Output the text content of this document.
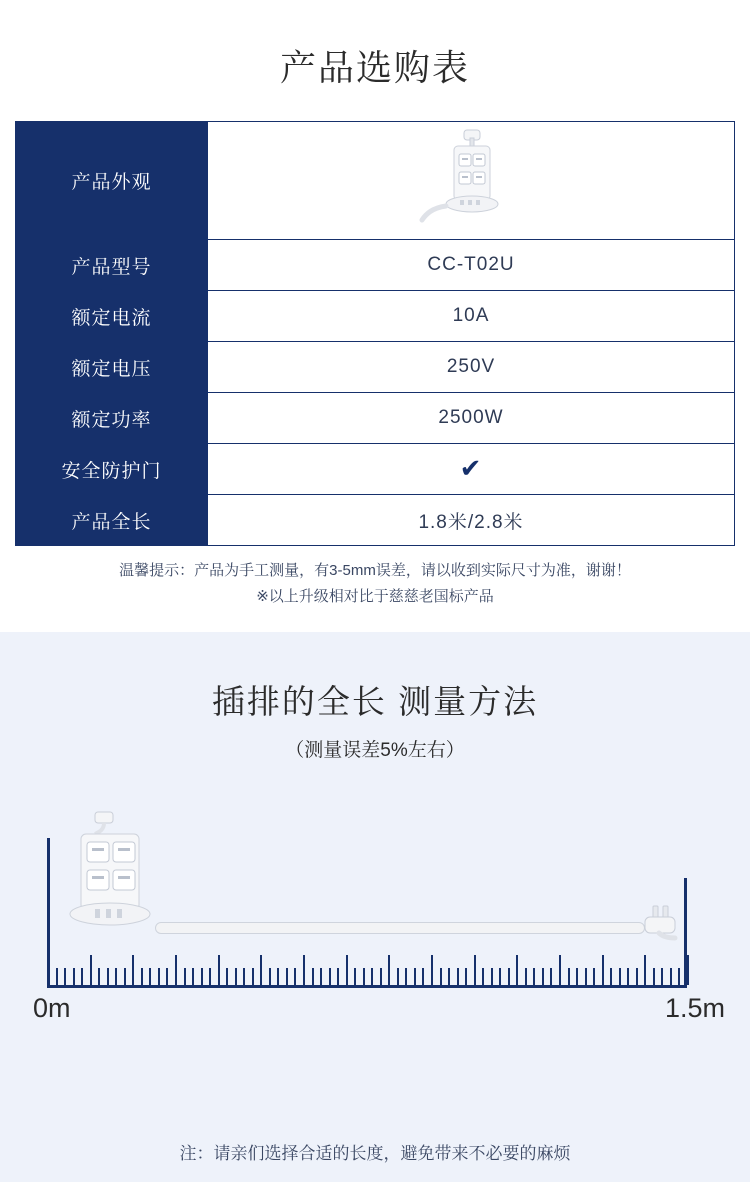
产品选购表
产品外观	
产品型号	CC-T02U
额定电流	10A
额定电压	250V
额定功率	2500W
安全防护门	✔
产品全长	1.8米/2.8米
温馨提示：产品为手工测量，有3-5mm误差，请以收到实际尺寸为准，谢谢！
※以上升级相对比于慈慈老国标产品
插排的全长 测量方法

（测量误差5%左右）

0m	1.5m
注：请亲们选择合适的长度，避免带来不必要的麻烦
